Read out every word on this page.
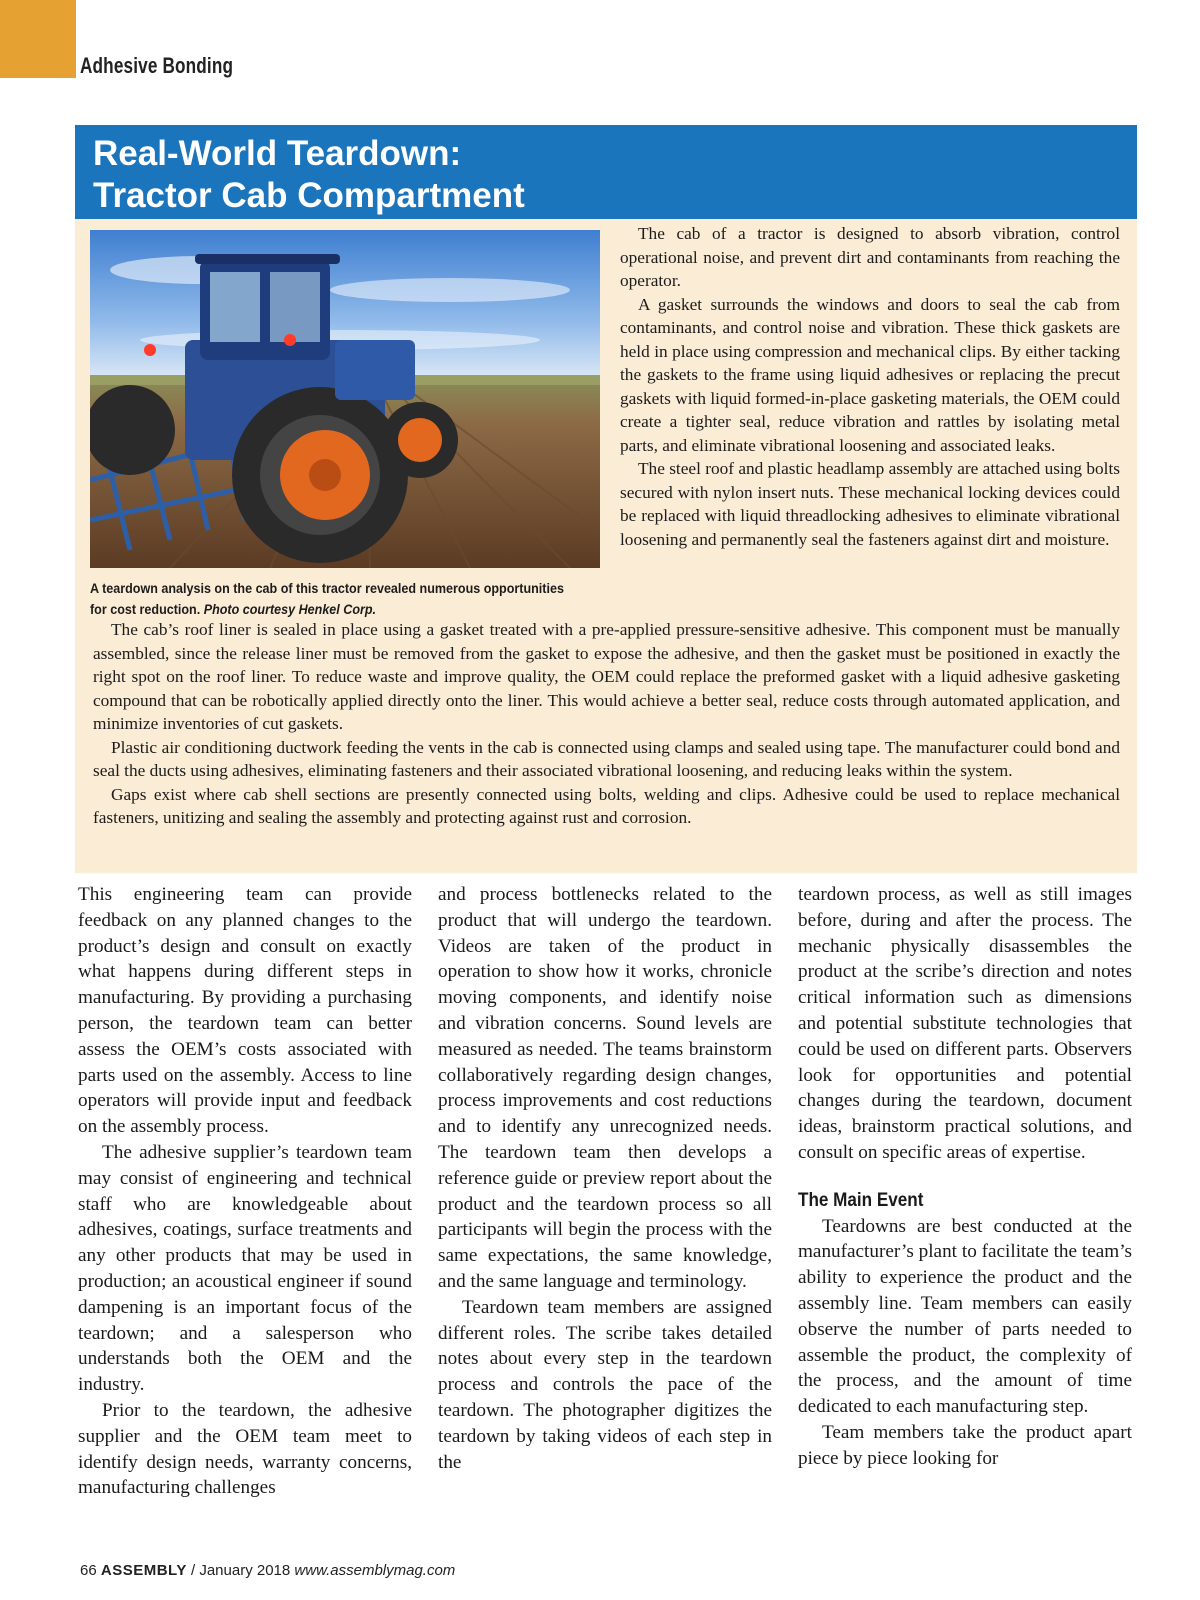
Adhesive Bonding
Real-World Teardown:
Tractor Cab Compartment
A teardown analysis on the cab of this tractor revealed numerous opportunities for cost reduction. Photo courtesy Henkel Corp.

The cab of a tractor is designed to absorb vibration, control operational noise, and prevent dirt and contaminants from reaching the operator.

A gasket surrounds the windows and doors to seal the cab from contaminants, and control noise and vibration. These thick gaskets are held in place using compression and mechanical clips. By either tacking the gaskets to the frame using liquid adhesives or replacing the precut gaskets with liquid formed-in-place gasketing materials, the OEM could create a tighter seal, reduce vibration and rattles by isolating metal parts, and eliminate vibrational loosening and associated leaks.

The steel roof and plastic headlamp assembly are attached using bolts secured with nylon insert nuts. These mechanical locking devices could be replaced with liquid threadlocking adhesives to eliminate vibrational loosening and permanently seal the fasteners against dirt and moisture.

The cab’s roof liner is sealed in place using a gasket treated with a pre-applied pressure-sensitive adhesive. This component must be manually assembled, since the release liner must be removed from the gasket to expose the adhesive, and then the gasket must be positioned in exactly the right spot on the roof liner. To reduce waste and improve quality, the OEM could replace the preformed gasket with a liquid adhesive gasketing compound that can be robotically applied directly onto the liner. This would achieve a better seal, reduce costs through automated application, and minimize inventories of cut gaskets.

Plastic air conditioning ductwork feeding the vents in the cab is connected using clamps and sealed using tape. The manufacturer could bond and seal the ducts using adhesives, eliminating fasteners and their associated vibrational loosening, and reducing leaks within the system.

Gaps exist where cab shell sections are presently connected using bolts, welding and clips. Adhesive could be used to replace mechanical fasteners, unitizing and sealing the assembly and protecting against rust and corrosion.

This engineering team can provide feedback on any planned changes to the product’s design and consult on exactly what happens during different steps in manufacturing. By providing a purchasing person, the teardown team can better assess the OEM’s costs associated with parts used on the assembly. Access to line operators will provide input and feedback on the assembly process.

The adhesive supplier’s teardown team may consist of engineering and technical staff who are knowledgeable about adhesives, coatings, surface treatments and any other products that may be used in production; an acoustical engineer if sound dampening is an important focus of the teardown; and a salesperson who understands both the OEM and the industry.

Prior to the teardown, the adhesive supplier and the OEM team meet to identify design needs, warranty concerns, manufacturing challenges

and process bottlenecks related to the product that will undergo the teardown. Videos are taken of the product in operation to show how it works, chronicle moving components, and identify noise and vibration concerns. Sound levels are measured as needed. The teams brainstorm collaboratively regarding design changes, process improvements and cost reductions and to identify any unrecognized needs. The teardown team then develops a reference guide or preview report about the product and the teardown process so all participants will begin the process with the same expectations, the same knowledge, and the same language and terminology.

Teardown team members are assigned different roles. The scribe takes detailed notes about every step in the teardown process and controls the pace of the teardown. The photographer digitizes the teardown by taking videos of each step in the

teardown process, as well as still images before, during and after the process. The mechanic physically disassembles the product at the scribe’s direction and notes critical information such as dimensions and potential substitute technologies that could be used on different parts. Observers look for opportunities and potential changes during the teardown, document ideas, brainstorm practical solutions, and consult on specific areas of expertise.

The Main Event

Teardowns are best conducted at the manufacturer’s plant to facilitate the team’s ability to experience the product and the assembly line. Team members can easily observe the number of parts needed to assemble the product, the complexity of the process, and the amount of time dedicated to each manufacturing step.

Team members take the product apart piece by piece looking for

66 ASSEMBLY / January 2018 www.assemblymag.com
